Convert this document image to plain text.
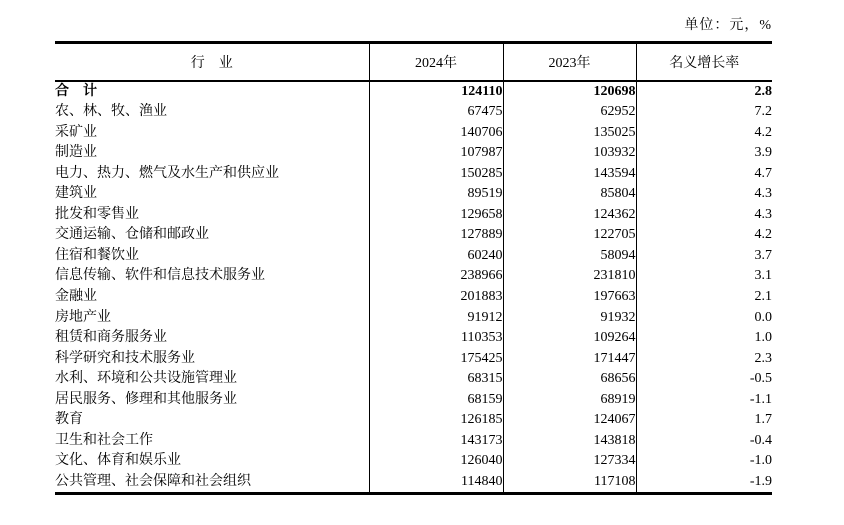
单位：元，%
行　业	2024年	2023年	名义增长率
合　计	124110	120698	2.8
农、林、牧、渔业	67475	62952	7.2
采矿业	140706	135025	4.2
制造业	107987	103932	3.9
电力、热力、燃气及水生产和供应业	150285	143594	4.7
建筑业	89519	85804	4.3
批发和零售业	129658	124362	4.3
交通运输、仓储和邮政业	127889	122705	4.2
住宿和餐饮业	60240	58094	3.7
信息传输、软件和信息技术服务业	238966	231810	3.1
金融业	201883	197663	2.1
房地产业	91912	91932	0.0
租赁和商务服务业	110353	109264	1.0
科学研究和技术服务业	175425	171447	2.3
水利、环境和公共设施管理业	68315	68656	-0.5
居民服务、修理和其他服务业	68159	68919	-1.1
教育	126185	124067	1.7
卫生和社会工作	143173	143818	-0.4
文化、体育和娱乐业	126040	127334	-1.0
公共管理、社会保障和社会组织	114840	117108	-1.9
